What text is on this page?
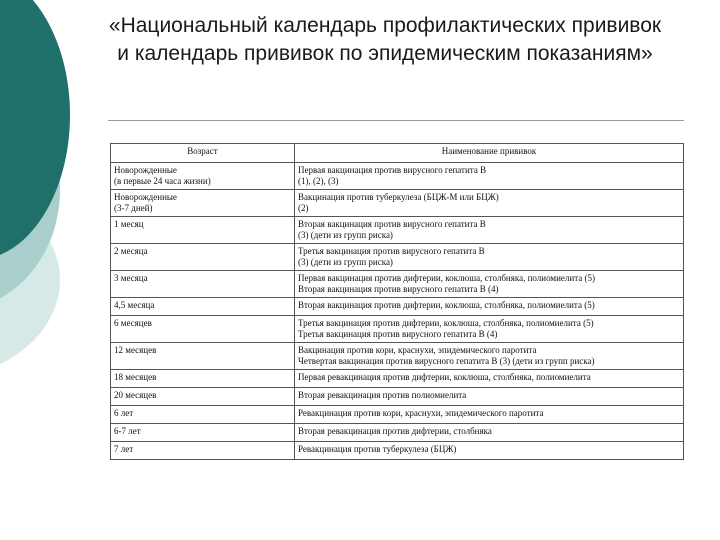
«Национальный календарь профилактических прививок и календарь прививок по эпидемическим показаниям»
Возраст	Наименование прививок

Новорожденные
(в первые 24 часа жизни)	Первая вакцинация против вирусного гепатита В
(1), (2), (3)

Новорожденные
(3-7 дней)	Вакцинация против туберкулеза (БЦЖ-М или БЦЖ)
(2)

1 месяц	Вторая вакцинация против вирусного гепатита В
(3) (дети из групп риска)

2 месяца	Третья вакцинация против вирусного гепатита В
(3) (дети из групп риска)

3 месяца	Первая вакцинация против дифтерии, коклюша, столбняка, полиомиелита (5)
Вторая вакцинация против вирусного гепатита В (4)

4,5 месяца	Вторая вакцинация против дифтерии, коклюша, столбняка, полиомиелита (5)

6 месяцев	Третья вакцинация против дифтерии, коклюша, столбняка, полиомиелита (5)
Третья вакцинация против вирусного гепатита В (4)

12 месяцев	Вакцинация против кори, краснухи, эпидемического паротита
Четвертая вакцинация против вирусного гепатита В (3) (дети из групп риска)

18 месяцев	Первая ревакцинация против дифтерии, коклюша, столбняка, полиомиелита

20 месяцев	Вторая ревакцинация против полиомиелита

6 лет	Ревакцинация против кори, краснухи, эпидемического паротита

6-7 лет	Вторая ревакцинация против дифтерии, столбняка

7 лет	Ревакцинация против туберкулеза (БЦЖ)
